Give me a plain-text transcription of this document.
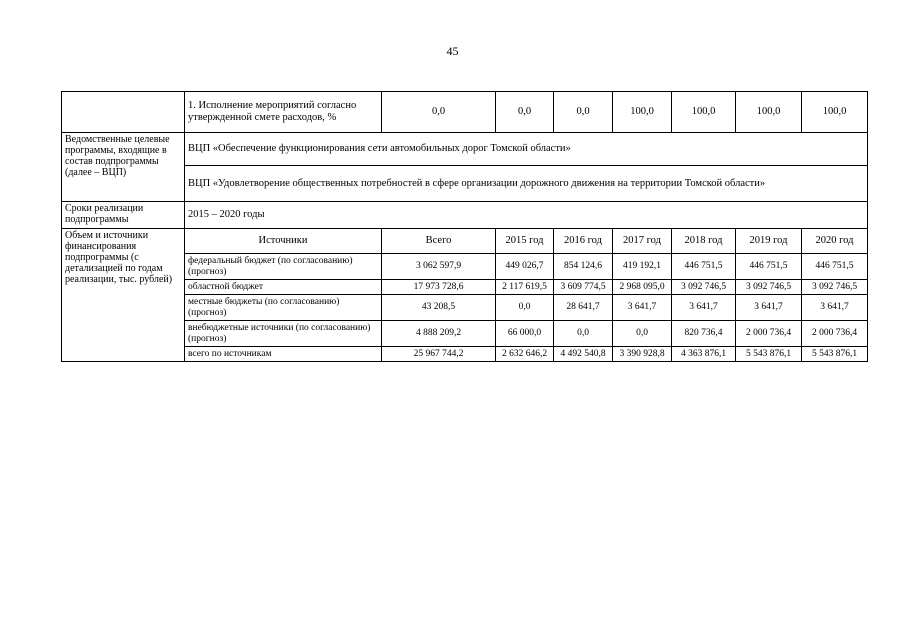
45
	1. Исполнение мероприятий согласно утвержденной смете расходов, %	0,0	0,0	0,0	100,0	100,0	100,0	100,0	
Ведомственные целевые программы, входящие в состав подпрограммы (далее – ВЦП)	ВЦП «Обеспечение функционирования сети автомобильных дорог Томской области»								
	ВЦП «Удовлетворение общественных потребностей в сфере организации дорожного движения на территории Томской области»								
Сроки реализации подпрограммы	2015 – 2020 годы								
Объем и источники финансирования подпрограммы (с детализацией по годам реализации, тыс. рублей)	Источники	Всего	2015 год	2016 год	2017 год	2018 год	2019 год	2020 год	
	федеральный бюджет (по согласованию) (прогноз)	3 062 597,9	449 026,7	854 124,6	419 192,1	446 751,5	446 751,5	446 751,5	
	областной бюджет	17 973 728,6	2 117 619,5	3 609 774,5	2 968 095,0	3 092 746,5	3 092 746,5	3 092 746,5	
	местные бюджеты (по согласованию) (прогноз)	43 208,5	0,0	28 641,7	3 641,7	3 641,7	3 641,7	3 641,7	
	внебюджетные источники (по согласованию) (прогноз)	4 888 209,2	66 000,0	0,0	0,0	820 736,4	2 000 736,4	2 000 736,4	
	всего по источникам	25 967 744,2	2 632 646,2	4 492 540,8	3 390 928,8	4 363 876,1	5 543 876,1	5 543 876,1	
